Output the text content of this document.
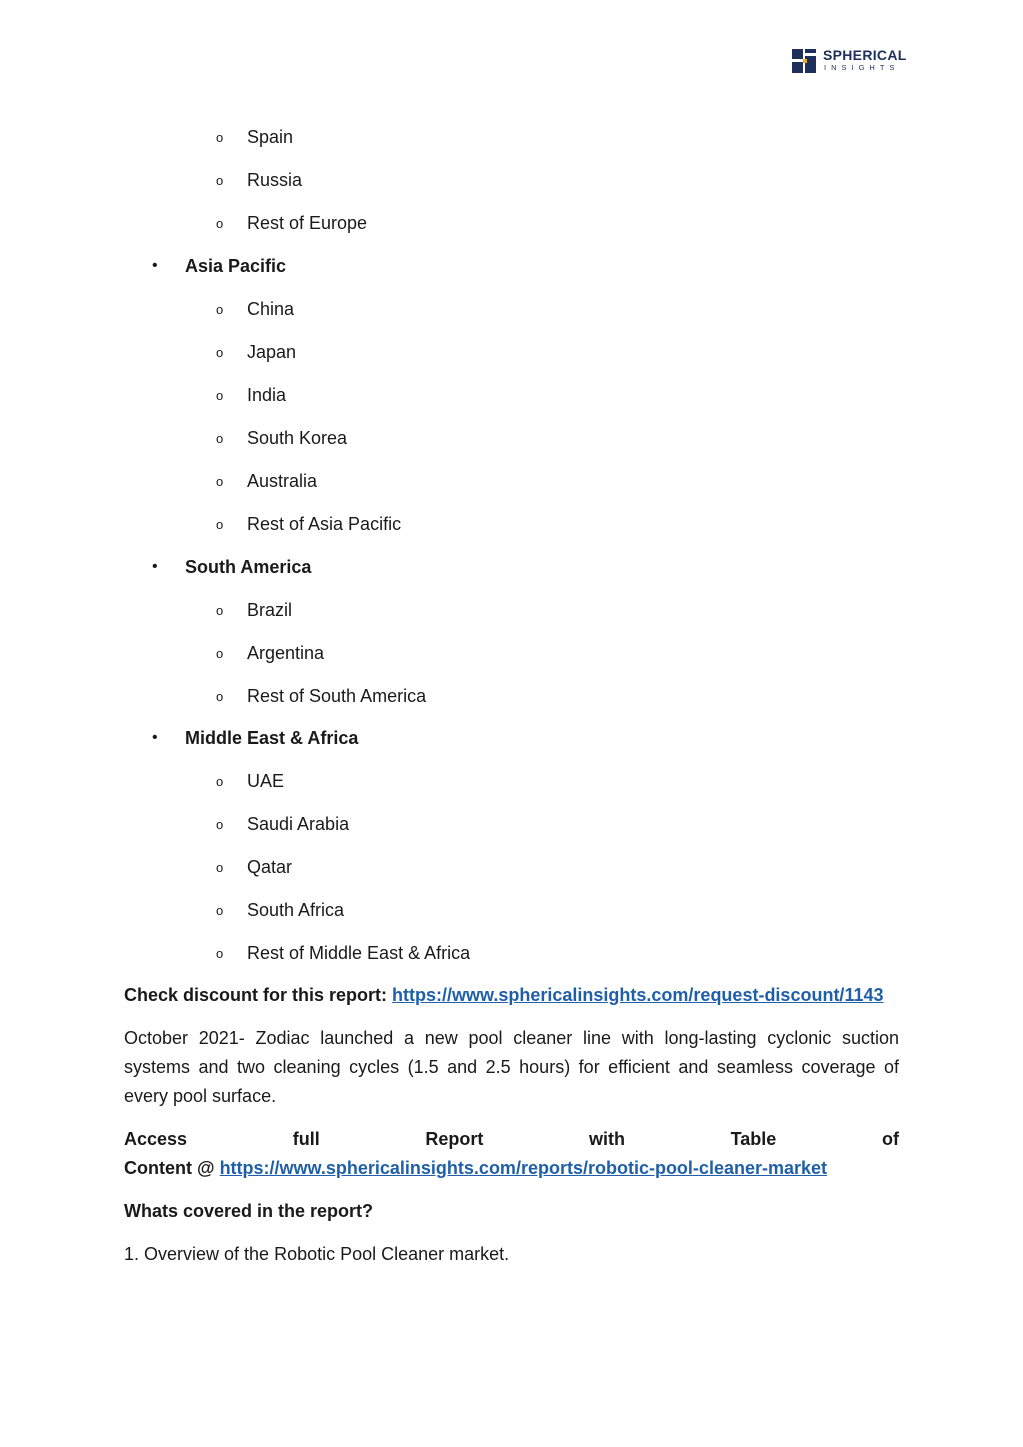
SPHERICAL
INSIGHTS
o Spain
o Russia
o Rest of Europe
• Asia Pacific
o China
o Japan
o India
o South Korea
o Australia
o Rest of Asia Pacific
• South America
o Brazil
o Argentina
o Rest of South America
• Middle East & Africa
o UAE
o Saudi Arabia
o Qatar
o South Africa
o Rest of Middle East & Africa
Check discount for this report: https://www.sphericalinsights.com/request-discount/1143
October 2021- Zodiac launched a new pool cleaner line with long-lasting cyclonic suction systems and two cleaning cycles (1.5 and 2.5 hours) for efficient and seamless coverage of every pool surface.
Access	full	Report	with	Table	of
Content @ https://www.sphericalinsights.com/reports/robotic-pool-cleaner-market
Whats covered in the report?
1. Overview of the Robotic Pool Cleaner market.
